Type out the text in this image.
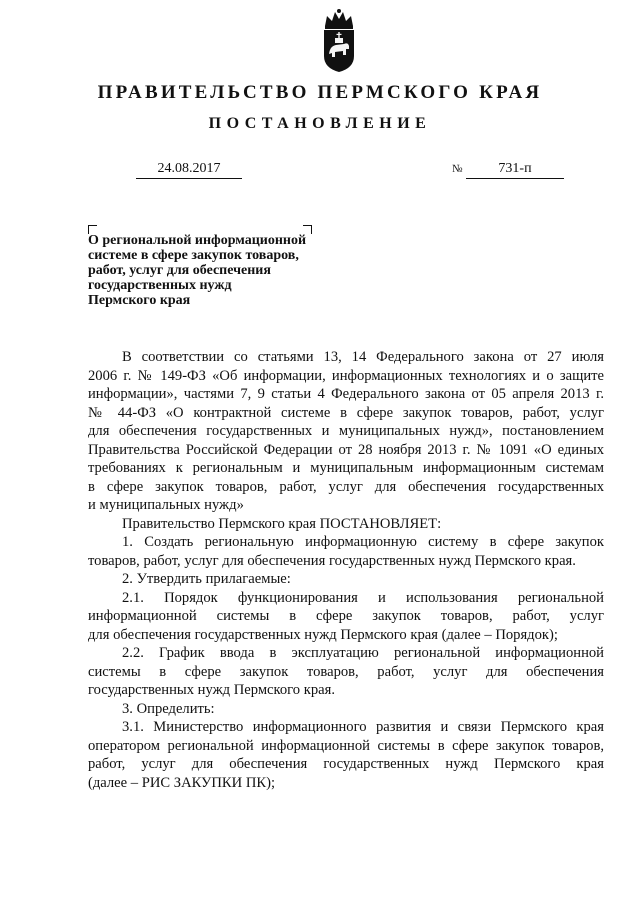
ПРАВИТЕЛЬСТВО ПЕРМСКОГО КРАЯ
ПОСТАНОВЛЕНИЕ
24.08.2017	№	731-п
О региональной информационной
системе в сфере закупок товаров,
работ, услуг для обеспечения
государственных нужд
Пермского края

В соответствии со статьями 13, 14 Федерального закона от 27 июля

2006 г. № 149-ФЗ «Об информации, информационных технологиях и о защите

информации», частями 7, 9 статьи 4 Федерального закона от 05 апреля 2013 г.

№ 44-ФЗ «О контрактной системе в сфере закупок товаров, работ, услуг

для обеспечения государственных и муниципальных нужд», постановлением

Правительства Российской Федерации от 28 ноября 2013 г. № 1091 «О единых

требованиях к региональным и муниципальным информационным системам

в сфере закупок товаров, работ, услуг для обеспечения государственных

и муниципальных нужд»

Правительство Пермского края ПОСТАНОВЛЯЕТ:

1. Создать региональную информационную систему в сфере закупок

товаров, работ, услуг для обеспечения государственных нужд Пермского края.

2. Утвердить прилагаемые:

2.1. Порядок функционирования и использования региональной

информационной системы в сфере закупок товаров, работ, услуг

для обеспечения государственных нужд Пермского края (далее – Порядок);

2.2. График ввода в эксплуатацию региональной информационной

системы в сфере закупок товаров, работ, услуг для обеспечения

государственных нужд Пермского края.

3. Определить:

3.1. Министерство информационного развития и связи Пермского края

оператором региональной информационной системы в сфере закупок товаров,

работ, услуг для обеспечения государственных нужд Пермского края

(далее – РИС ЗАКУПКИ ПК);
